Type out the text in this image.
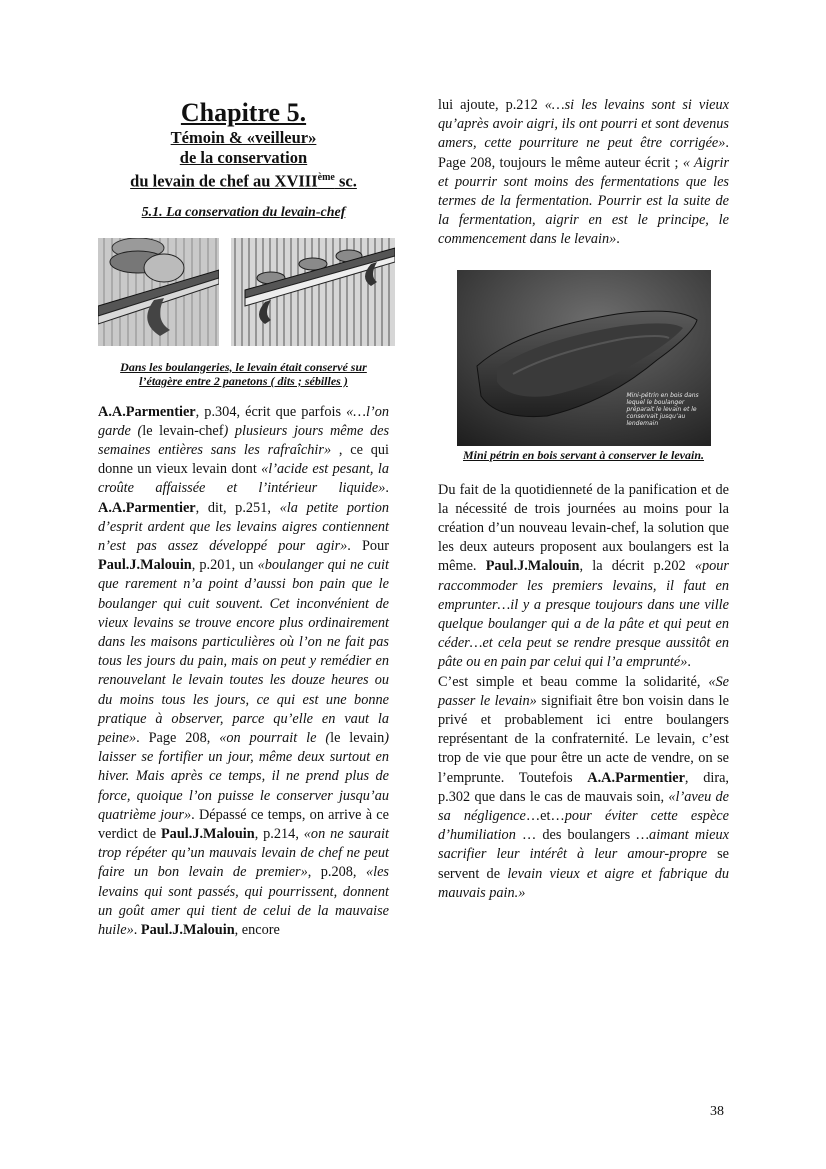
Chapitre 5.
Témoin & «veilleur»
de la conservation
du levain de chef au XVIIIème sc.
5.1. La conservation du levain-chef
Dans les boulangeries, le levain était conservé sur
l’étagère entre 2 panetons ( dits ; sébilles )

A.A.Parmentier, p.304, écrit que parfois «…l’on garde (le levain-chef) plusieurs jours même des semaines entières sans les rafraîchir» , ce qui donne un vieux levain dont «l’acide est pesant, la croûte affaissée et l’intérieur liquide». A.A.Parmentier, dit, p.251, «la petite portion d’esprit ardent que les levains aigres contiennent n’est pas assez développé pour agir». Pour Paul.J.Malouin, p.201, un «boulanger qui ne cuit que rarement n’a point d’aussi bon pain que le boulanger qui cuit souvent. Cet inconvénient de vieux levains se trouve encore plus ordinairement dans les maisons particulières où l’on ne fait pas tous les jours du pain, mais on peut y remédier en renouvelant le levain toutes les douze heures ou du moins tous les jours, ce qui est une bonne pratique à observer, parce qu’elle en vaut la peine». Page 208, «on pourrait le (le levain) laisser se fortifier un jour, même deux surtout en hiver. Mais après ce temps, il ne prend plus de force, quoique l’on puisse le conserver jusqu’au quatrième jour». Dépassé ce temps, on arrive à ce verdict de Paul.J.Malouin, p.214, «on ne saurait trop répéter qu’un mauvais levain de chef ne peut faire un bon levain de premier», p.208, «les levains qui sont passés, qui pourrissent, donnent un goût amer qui tient de celui de la mauvaise huile». Paul.J.Malouin, encore

lui ajoute, p.212 «…si les levains sont si vieux qu’après avoir aigri, ils ont pourri et sont devenus amers, cette pourriture ne peut être corrigée». Page 208, toujours le même auteur écrit ; « Aigrir et pourrir sont moins des fermentations que les termes de la fermentation. Pourrir est la suite de la fermentation, aigrir en est le principe, le commencement dans le levain».

Mini-pétrin en bois dans
lequel le boulanger
préparait le levain et le
conservait jusqu’au
lendemain
Mini pétrin en bois servant à conserver le levain.

Du fait de la quotidienneté de la panification et de la nécessité de trois journées au moins pour la création d’un nouveau levain-chef, la solution que les deux auteurs proposent aux boulangers est la même. Paul.J.Malouin, la décrit p.202 «pour raccommoder les premiers levains, il faut en emprunter…il y a presque toujours dans une ville quelque boulanger qui a de la pâte et qui peut en céder…et cela peut se rendre presque aussitôt en pâte ou en pain par celui qui l’a emprunté».

C’est simple et beau comme la solidarité, «Se passer le levain» signifiait être bon voisin dans le privé et probablement ici entre boulangers représentant de la confraternité. Le levain, c’est trop de vie que pour être un acte de vendre, on se l’emprunte. Toutefois A.A.Parmentier, dira, p.302 que dans le cas de mauvais soin, «l’aveu de sa négligence…et…pour éviter cette espèce d’humiliation … des boulangers …aimant mieux sacrifier leur intérêt à leur amour-propre se servent de levain vieux et aigre et fabrique du mauvais pain.»

38
